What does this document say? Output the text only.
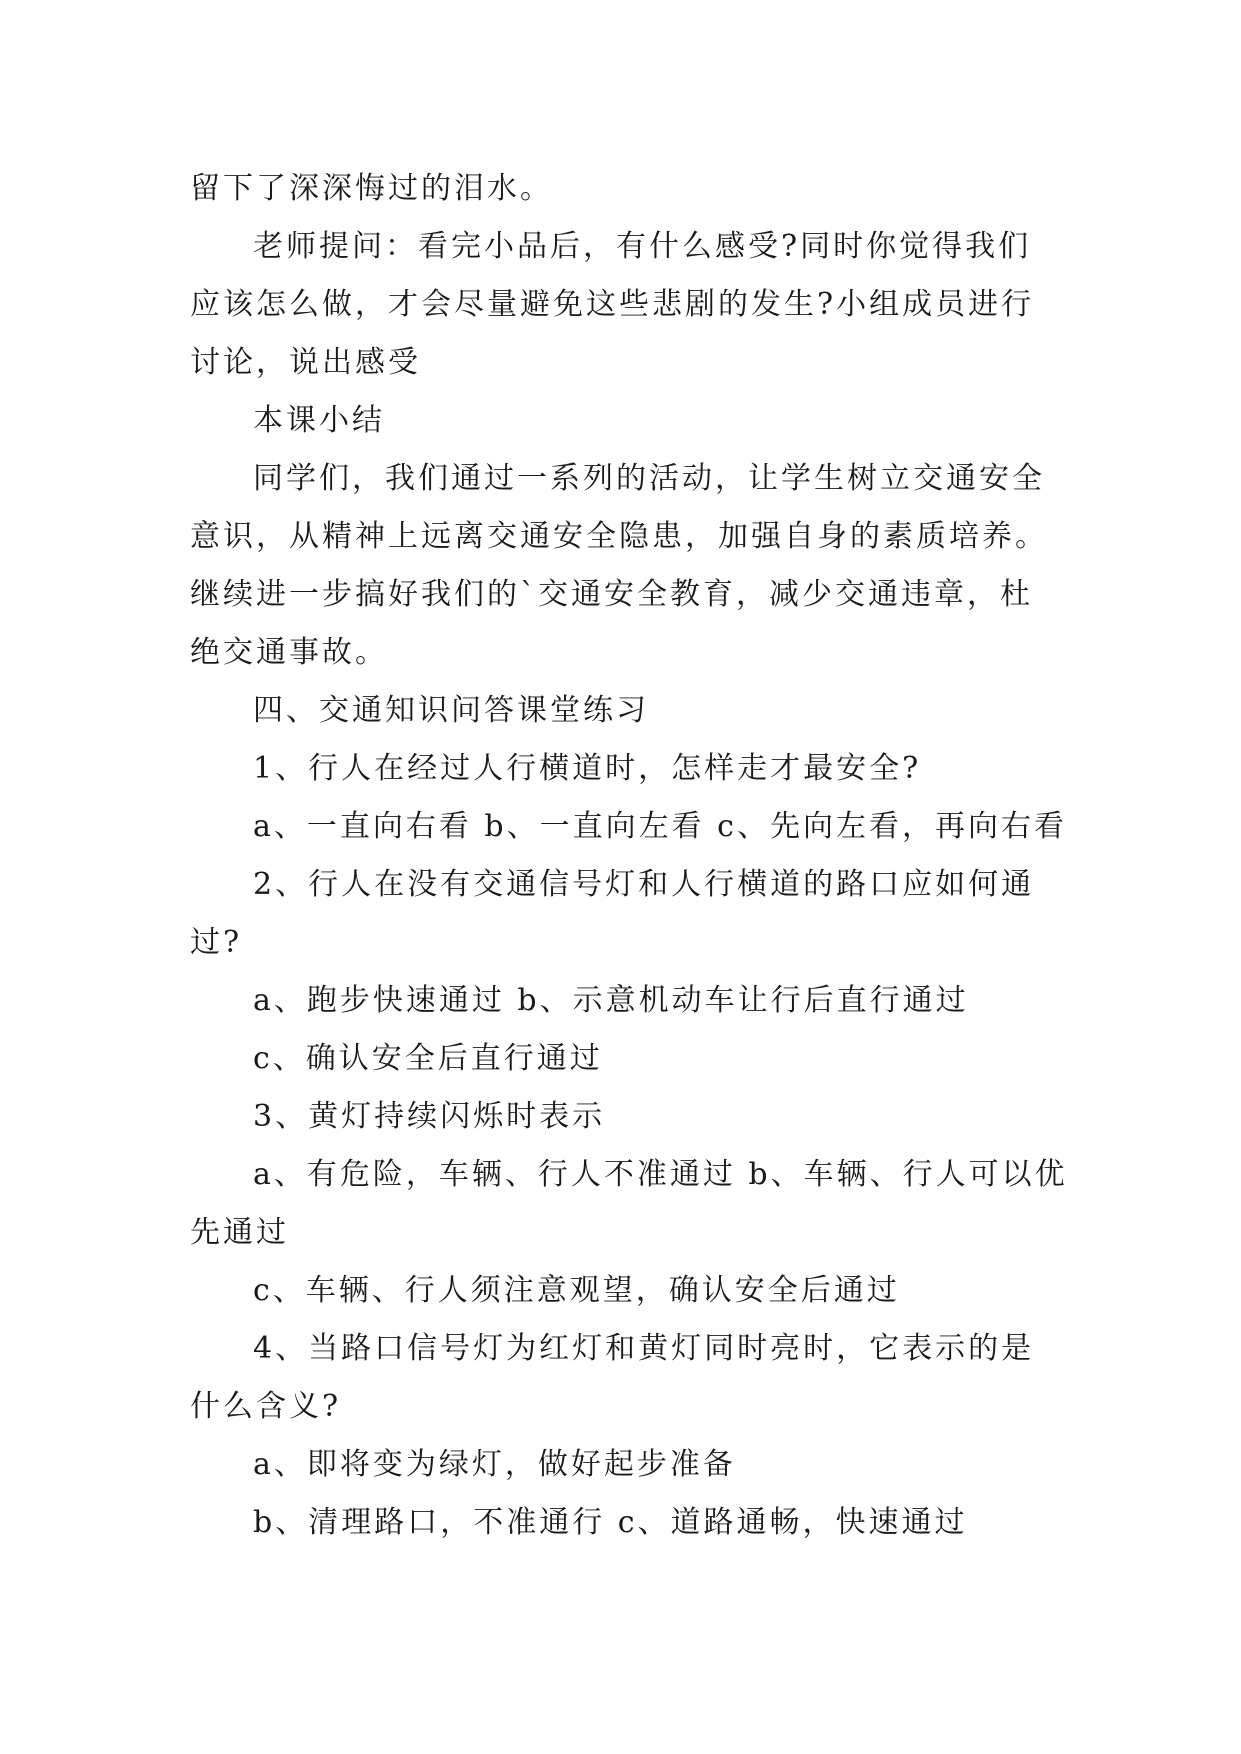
留下了深深悔过的泪水。

老师提问：看完小品后，有什么感受?同时你觉得我们

应该怎么做，才会尽量避免这些悲剧的发生?小组成员进行

讨论，说出感受

本课小结

同学们，我们通过一系列的活动，让学生树立交通安全

意识，从精神上远离交通安全隐患，加强自身的素质培养。

继续进一步搞好我们的`交通安全教育，减少交通违章，杜

绝交通事故。

四、交通知识问答课堂练习

1、行人在经过人行横道时，怎样走才最安全?

a、一直向右看 b、一直向左看 c、先向左看，再向右看

2、行人在没有交通信号灯和人行横道的路口应如何通

过?

a、跑步快速通过 b、示意机动车让行后直行通过

c、确认安全后直行通过

3、黄灯持续闪烁时表示

a、有危险，车辆、行人不准通过 b、车辆、行人可以优

先通过

c、车辆、行人须注意观望，确认安全后通过

4、当路口信号灯为红灯和黄灯同时亮时，它表示的是

什么含义?

a、即将变为绿灯，做好起步准备

b、清理路口，不准通行 c、道路通畅，快速通过
